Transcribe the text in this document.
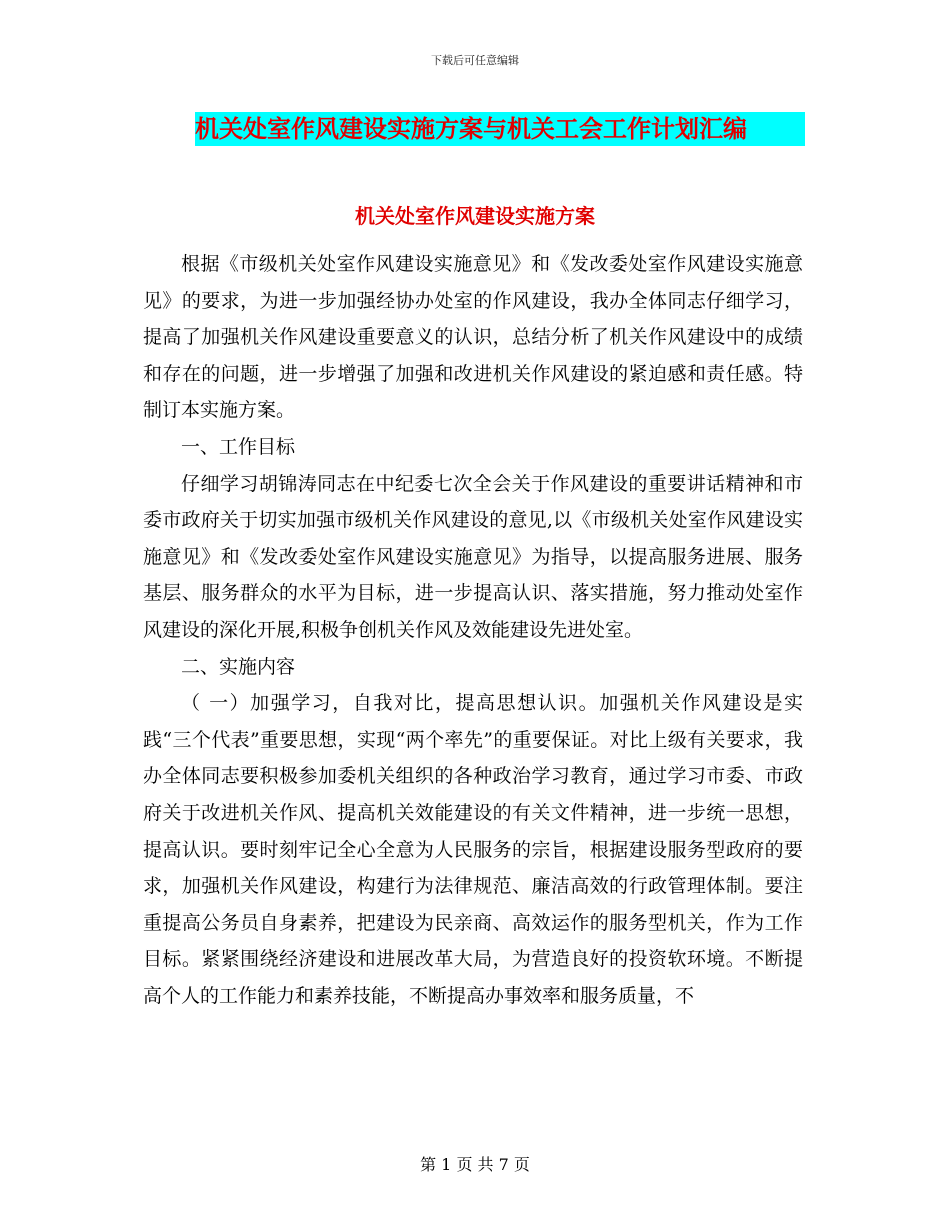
下载后可任意编辑
机关处室作风建设实施方案与机关工会工作计划汇编
机关处室作风建设实施方案

根据《市级机关处室作风建设实施意见》和《发改委处室作风建设实施意见》的要求，为进一步加强经协办处室的作风建设，我办全体同志仔细学习，提高了加强机关作风建设重要意义的认识，总结分析了机关作风建设中的成绩和存在的问题，进一步增强了加强和改进机关作风建设的紧迫感和责任感。特制订本实施方案。

一、工作目标

仔细学习胡锦涛同志在中纪委七次全会关于作风建设的重要讲话精神和市委市政府关于切实加强市级机关作风建设的意见,以《市级机关处室作风建设实施意见》和《发改委处室作风建设实施意见》为指导，以提高服务进展、服务基层、服务群众的水平为目标，进一步提高认识、落实措施，努力推动处室作风建设的深化开展,积极争创机关作风及效能建设先进处室。

二、实施内容

（ 一）加强学习，自我对比，提高思想认识。加强机关作风建设是实践“三个代表”重要思想，实现“两个率先”的重要保证。对比上级有关要求，我办全体同志要积极参加委机关组织的各种政治学习教育，通过学习市委、市政府关于改进机关作风、提高机关效能建设的有关文件精神，进一步统一思想，提高认识。要时刻牢记全心全意为人民服务的宗旨，根据建设服务型政府的要求，加强机关作风建设，构建行为法律规范、廉洁高效的行政管理体制。要注重提高公务员自身素养，把建设为民亲商、高效运作的服务型机关，作为工作目标。紧紧围绕经济建设和进展改革大局，为营造良好的投资软环境。不断提高个人的工作能力和素养技能，不断提高办事效率和服务质量，不

第 1 页 共 7 页
